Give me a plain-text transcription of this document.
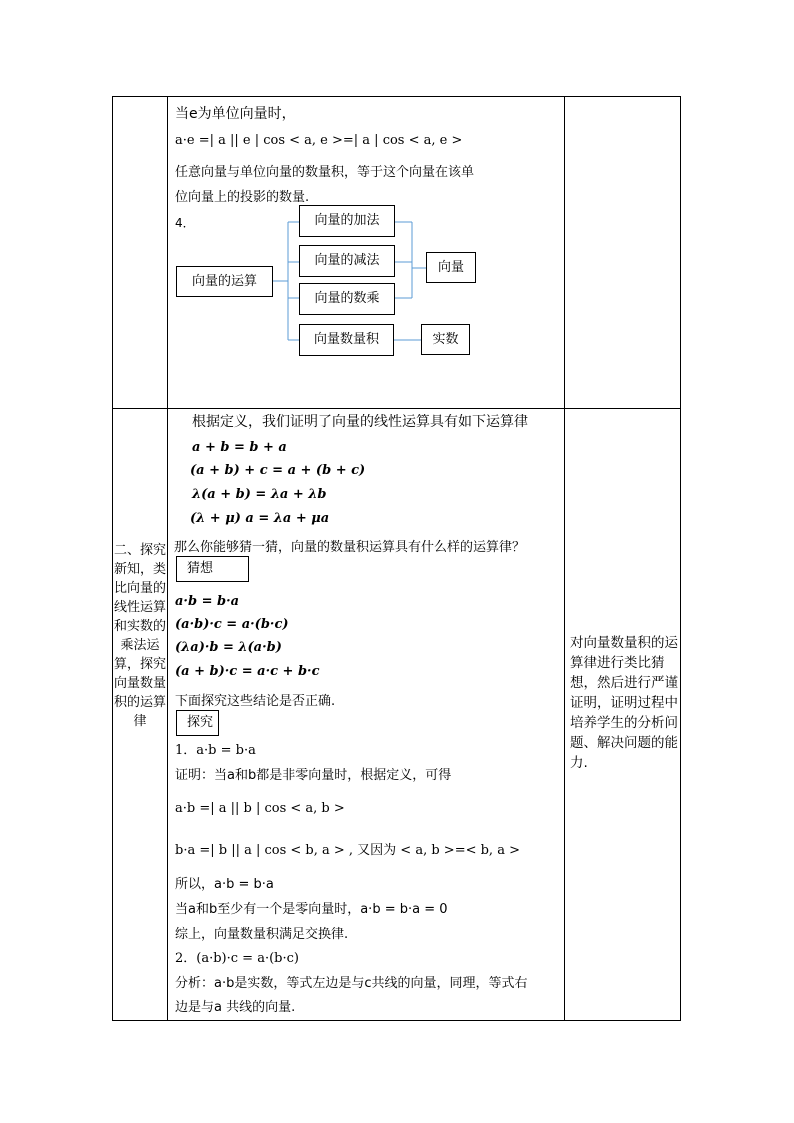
当e为单位向量时，
a·e =| a || e | cos < a, e >=| a | cos < a, e >
任意向量与单位向量的数量积，等于这个向量在该单
位向量上的投影的数量.
4．
向量的运算
向量的加法
向量的减法
向量的数乘
向量数量积
向量
实数
二、探究新知，类比向量的线性运算和实数的乘法运算，探究向量数量积的运算律
根据定义，我们证明了向量的线性运算具有如下运算律
a + b = b + a
(a + b) + c = a + (b + c)
λ(a + b) = λa + λb
(λ + μ) a = λa + μa
那么你能够猜一猜，向量的数量积运算具有什么样的运算律？
猜想
a·b = b·a
(a·b)·c = a·(b·c)
(λa)·b = λ(a·b)
(a + b)·c = a·c + b·c
下面探究这些结论是否正确.
探究
1．a·b = b·a
证明：当a和b都是非零向量时，根据定义，可得
a·b =| a || b | cos < a, b >
b·a =| b || a | cos < b, a > , 又因为 < a, b >=< b, a >
所以，a·b = b·a
当a和b至少有一个是零向量时，a·b = b·a = 0
综上，向量数量积满足交换律.
2．(a·b)·c = a·(b·c)
分析：a·b是实数，等式左边是与c共线的向量，同理，等式右
边是与a 共线的向量.
对向量数量积的运算律进行类比猜想，然后进行严谨证明，证明过程中培养学生的分析问题、解决问题的能力.
